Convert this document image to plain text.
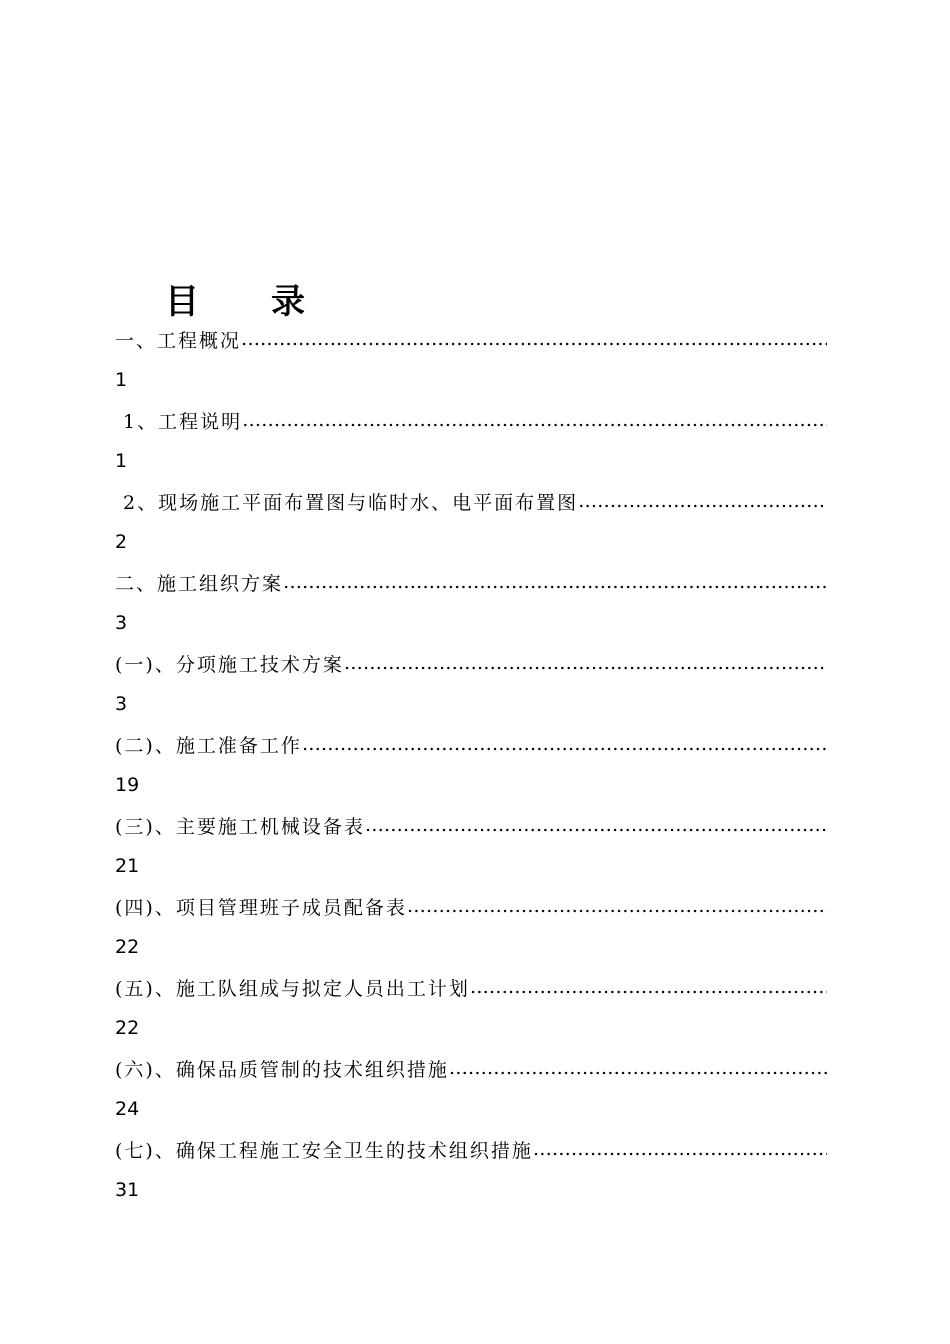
目 录
一、工程概况
…………………………………………………………………………………………………………………………………………………………………………………………
1
1、工程说明
…………………………………………………………………………………………………………………………………………………………………………………………
1
2、现场施工平面布置图与临时水、电平面布置图
…………………………………………………………………………………………………………………………………………………………………………………………
2
二、施工组织方案
…………………………………………………………………………………………………………………………………………………………………………………………
3
(一)、分项施工技术方案
…………………………………………………………………………………………………………………………………………………………………………………………
3
(二)、施工准备工作
…………………………………………………………………………………………………………………………………………………………………………………………
19
(三)、主要施工机械设备表
…………………………………………………………………………………………………………………………………………………………………………………………
21
(四)、项目管理班子成员配备表
…………………………………………………………………………………………………………………………………………………………………………………………
22
(五)、施工队组成与拟定人员出工计划
…………………………………………………………………………………………………………………………………………………………………………………………
22
(六)、确保品质管制的技术组织措施
…………………………………………………………………………………………………………………………………………………………………………………………
24
(七)、确保工程施工安全卫生的技术组织措施
…………………………………………………………………………………………………………………………………………………………………………………………
31
